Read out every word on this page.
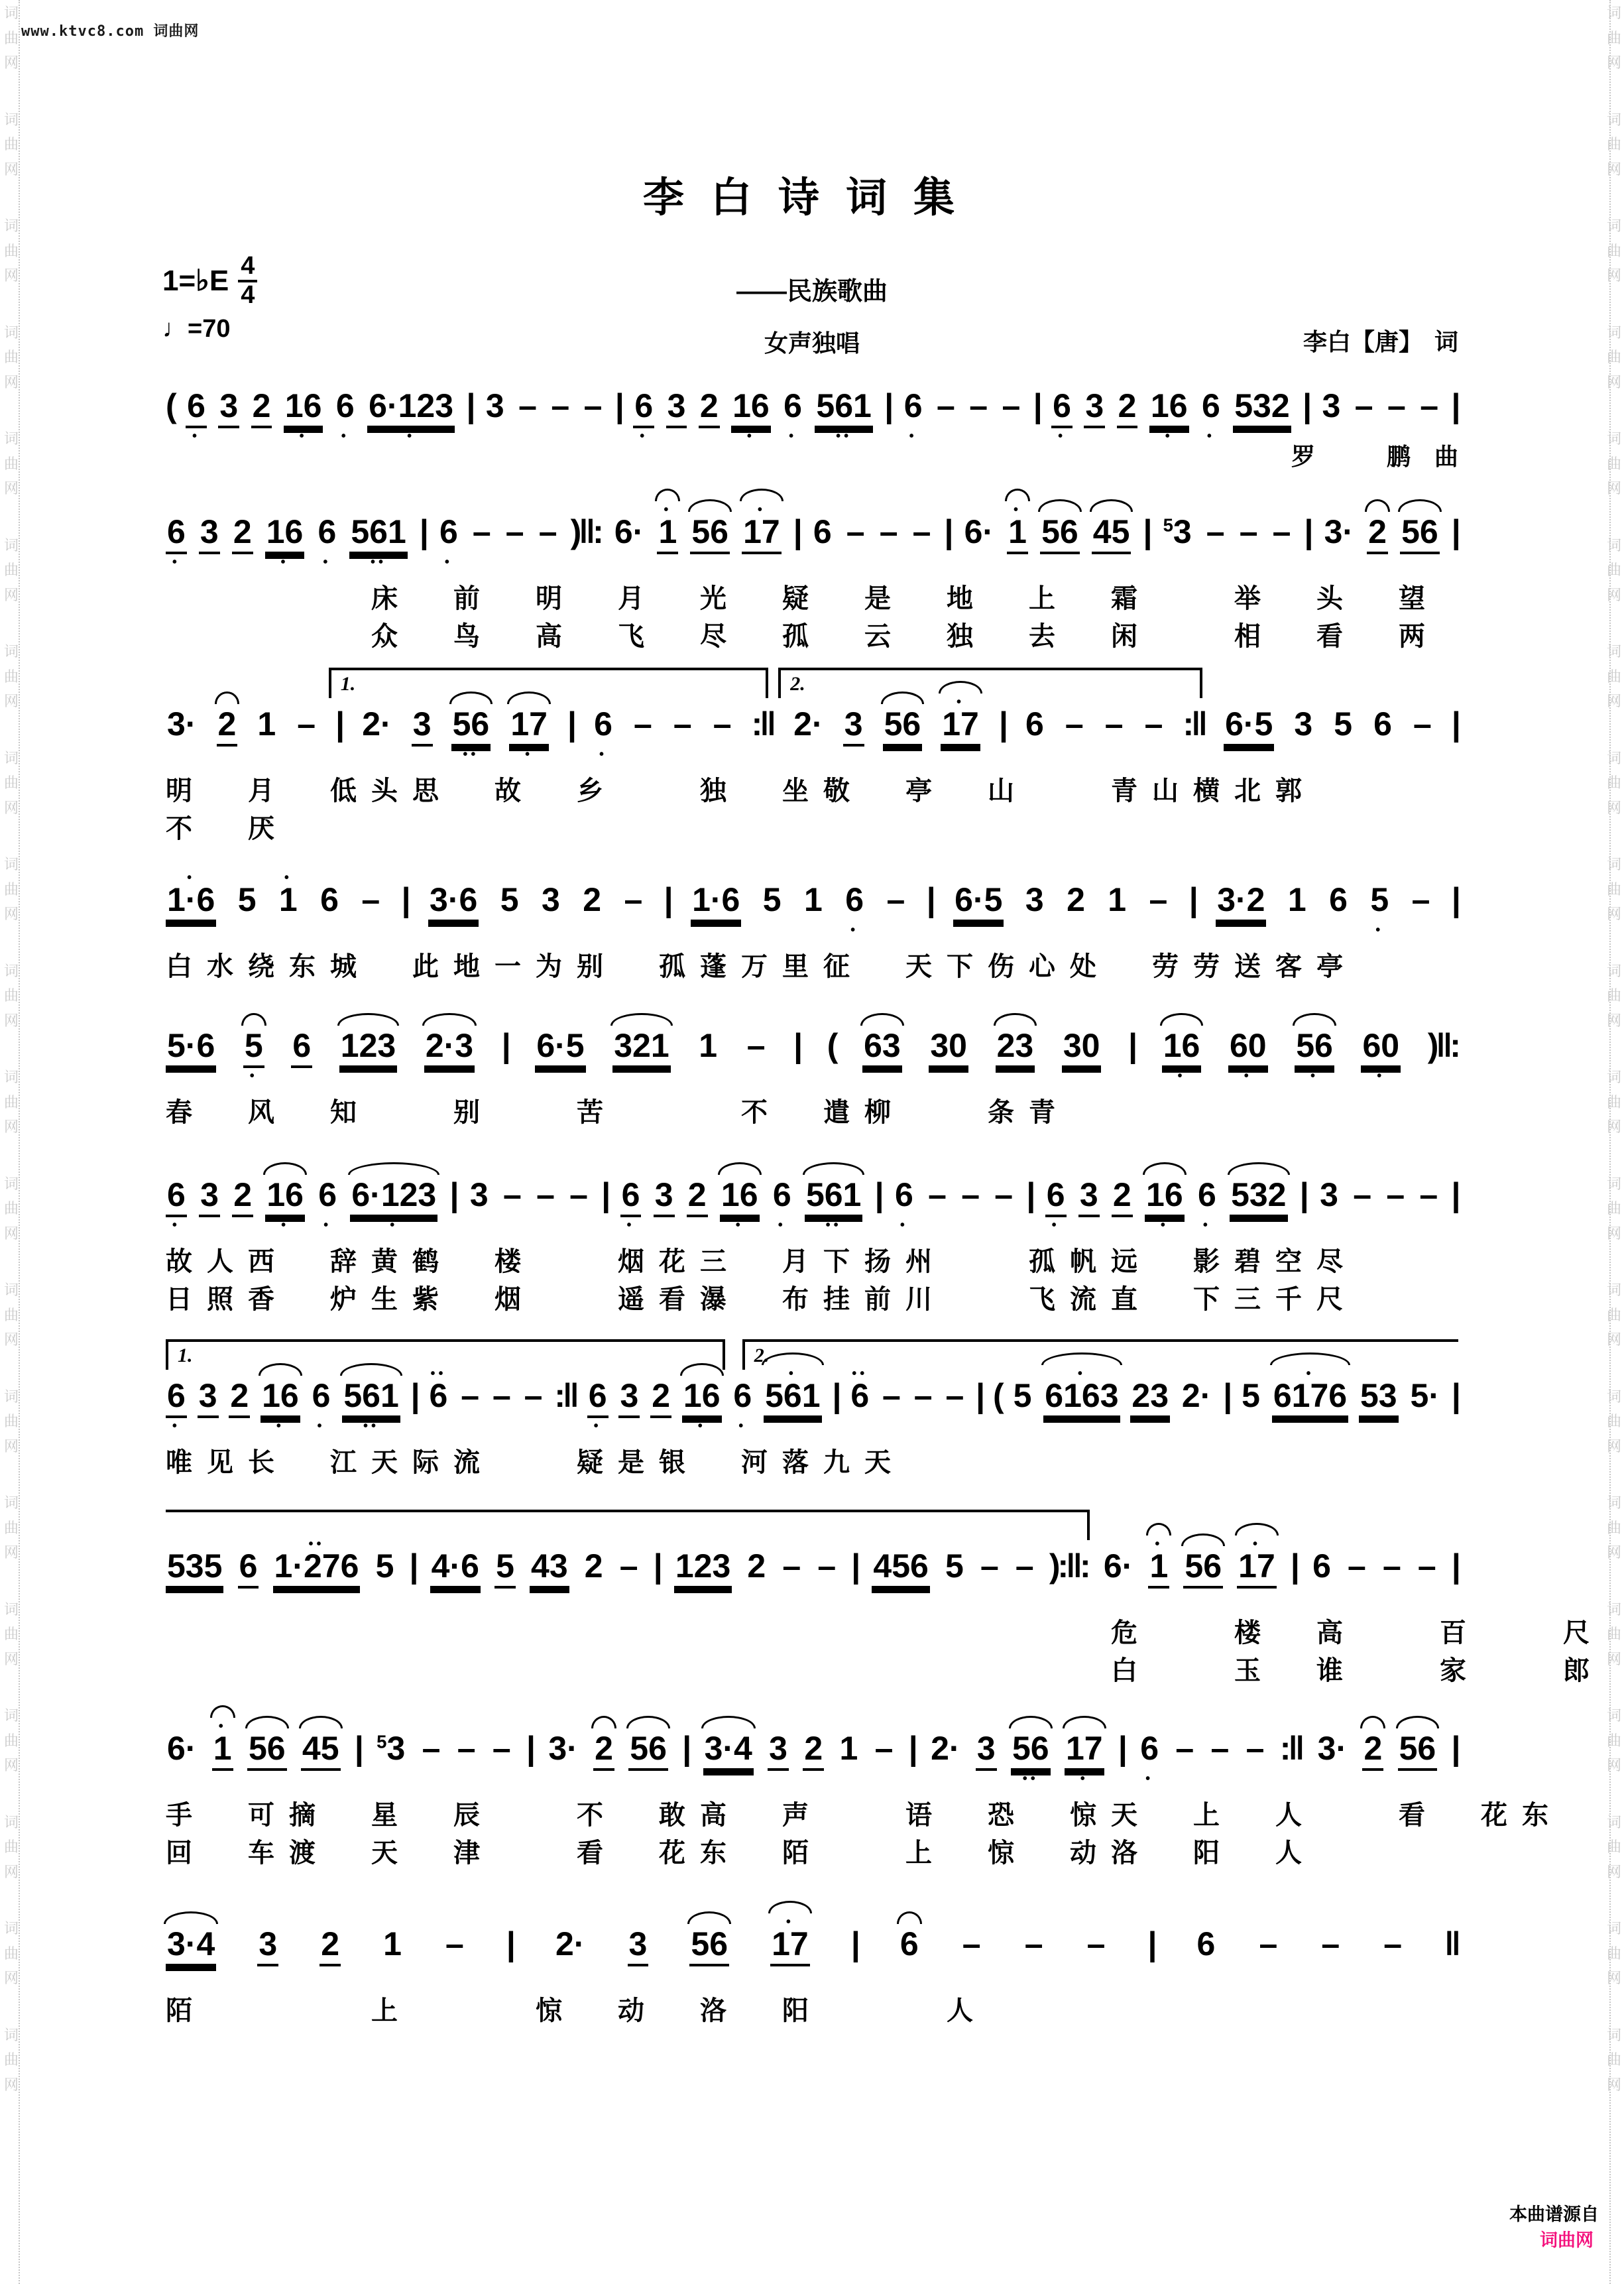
词
曲
网
词
曲
网
词
曲
网
词
曲
网
词
曲
网
词
曲
网
词
曲
网
词
曲
网
词
曲
网
词
曲
网
词
曲
网
词
曲
网
词
曲
网
词
曲
网
词
曲
网
词
曲
网
词
曲
网
词
曲
网
词
曲
网
词
曲
网
词
曲
网
词
曲
网
词
曲
网
词
曲
网
词
曲
网
词
曲
网
词
曲
网
词
曲
网
词
曲
网
词
曲
网
词
曲
网
词
曲
网
词
曲
网
词
曲
网
词
曲
网
词
曲
网
词
曲
网
词
曲
网
词
曲
网
词
曲
网
www.ktvc8.com 词曲网
李白诗词集
1=♭E $\frac{4}{4}$
♩=70
——民族歌曲
女声独唱

	李白【唐】　词

罗　　　鹏　曲

( 6
•
3 2 16
•
6
•
6·123
•
| 3 – – – | 6
•
3 2 16
•
6
•
561
••
| 6
•
– – – | 6
•
3 2 16
•
6
•
532 | 3 – – – |
6
•
3 2 16
•
6
•
561
••
| 6
•
– – – )‖: 6· 1
•
56 17
•
| 6 – – – | 6· 1
•
56 45 | $^5$3 – – – | 3· 2 56 |
　　　　　床　前　明　月　光　疑　是　地　上　霜　　举　头　望
　　　　　众　鸟　高　飞　尽　孤　云　独　去　闲　　相　看　两
1.	2.
3· 2 1 – | 2· 3 56
••
17
•
| 6
•
– – – :‖ 2· 3 56 17
•
| 6 – – – :‖ 6·5 3 5 6 – |
明　月　低头思　故　乡　　独　坐敬　亭　山　　青山横北郭
不　厌
1·6
•
5 1
•
6 – | 3·6 5 3 2 – | 1·6 5 1 6
•
– | 6·5 3 2 1 – | 3·2 1 6 5
•
– |
白水绕东城　此地一为别　孤蓬万里征　天下伤心处　劳劳送客亭
5·6 5
•
6 123 2·3 | 6·5 321 1 – | ( 63 30 23 30 | 16
•
60
•
56
•
60
•
)‖:
春　风　知　　别　　苦　　　不　遣柳　　条青
6
•
3 2 16
•
6
•
6·123
•
| 3 – – – | 6
•
3 2 16
•
6
•
561
••
| 6
•
– – – | 6
•
3 2 16
•
6
•
532 | 3 – – – |
故人西　辞黄鹤　楼　　烟花三　月下扬州　　孤帆远　影碧空尽
日照香　炉生紫　烟　　遥看瀑　布挂前川　　飞流直　下三千尺
1.	2.
6
•
3 2 16
•
6
•
561
••
| 6
••
– – – :‖ 6
•
3 2 16
•
6
•
561
•
| 6
••
– – – | ( 5 6163
•
23 2· | 5 6176
•
53 5· |
唯见长　江天际流　　疑是银　河落九天
535 6 1·276
••
5 | 4·6 5 43 2 – | 123 2 – – | 456 5 – – ):‖: 6· 1
•
56 17
•
| 6 – – – |
　　　　　　　　　　　　　　　　　　　　　　　危　　楼　高　　百　　尺
　　　　　　　　　　　　　　　　　　　　　　　白　　玉　谁　　家　　郎
6· 1
•
56 45 | $^5$3 – – – | 3· 2 56 | 3·4 3 2 1 – | 2· 3 56
••
17
•
| 6
•
– – – :‖ 3· 2 56 |
手　可摘　星　辰　　不　敢高　声　　语　恐　惊天　上　人　　看　花东
回　车渡　天　津　　看　花东　陌　　上　惊　动洛　阳　人
3·4 3 2 1 – | 2· 3 56 17
•
| 6 – – – | 6 – – – ‖
陌　　　　上　　　惊　动　洛　阳　　　人

本曲谱源自
词曲网
